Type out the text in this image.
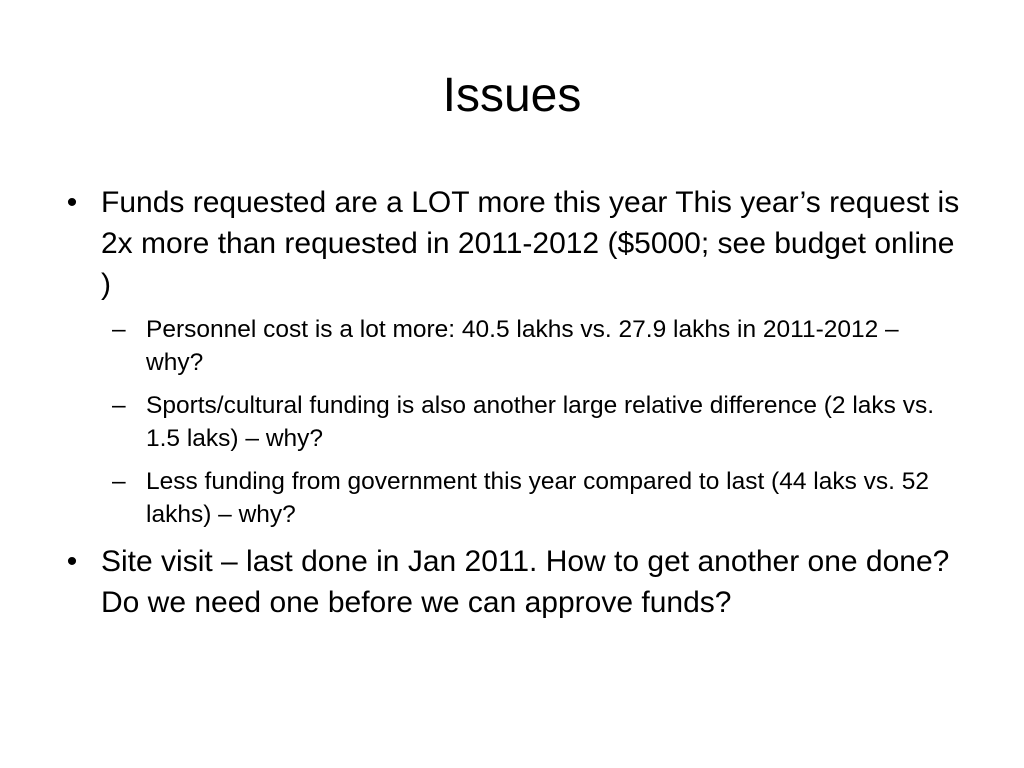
Issues
• Funds requested are a LOT more this year This year’s request is 2x more than requested in 2011-2012 ($5000; see budget online )
– Personnel cost is a lot more: 40.5 lakhs vs. 27.9 lakhs in 2011-2012 – why?
– Sports/cultural funding is also another large relative difference (2 laks vs. 1.5 laks) – why?
– Less funding from government this year compared to last (44 laks vs. 52 lakhs) – why?
• Site visit – last done in Jan 2011. How to get another one done? Do we need one before we can approve funds?
